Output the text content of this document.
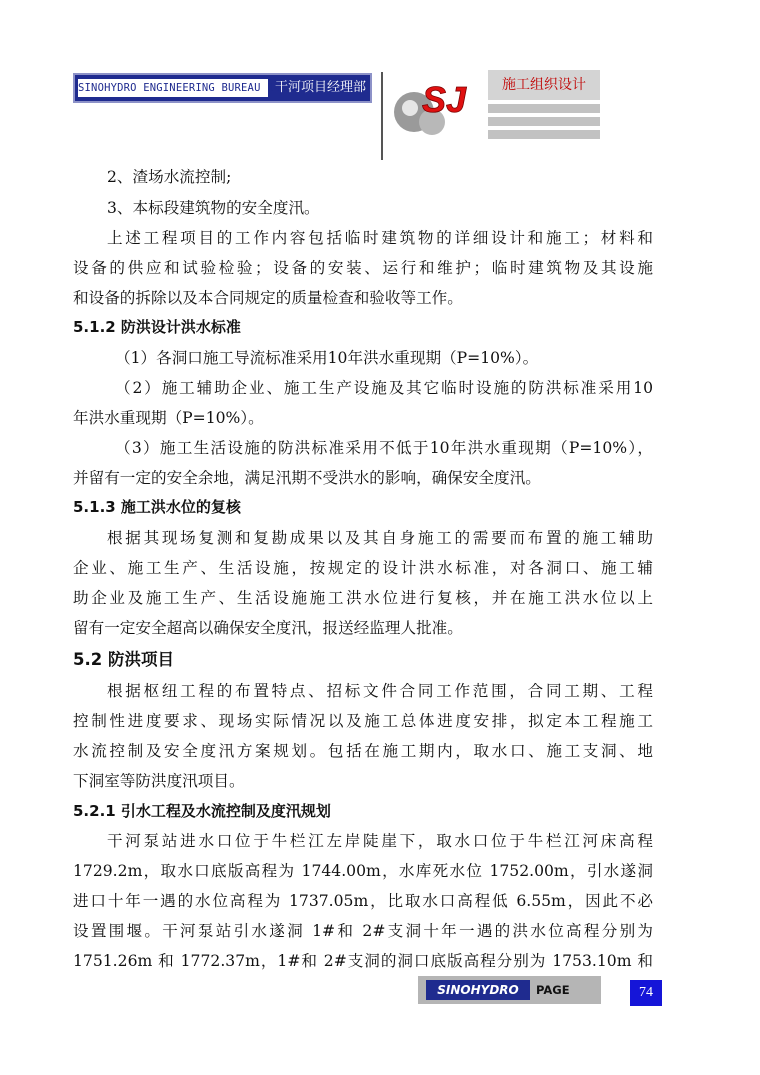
SINOHYDRO ENGINEERING BUREAU 14
干河项目经理部 SJ	施工组织设计
2、渣场水流控制;
3、本标段建筑物的安全度汛。
上述工程项目的工作内容包括临时建筑物的详细设计和施工；材料和
设备的供应和试验检验；设备的安装、运行和维护；临时建筑物及其设施
和设备的拆除以及本合同规定的质量检查和验收等工作。
5.1.2 防洪设计洪水标准
（1）各洞口施工导流标准采用10年洪水重现期（P=10%）。
（2）施工辅助企业、施工生产设施及其它临时设施的防洪标准采用10
年洪水重现期（P=10%）。
（3）施工生活设施的防洪标准采用不低于10年洪水重现期（P=10%），
并留有一定的安全余地，满足汛期不受洪水的影响，确保安全度汛。
5.1.3 施工洪水位的复核
根据其现场复测和复勘成果以及其自身施工的需要而布置的施工辅助
企业、施工生产、生活设施，按规定的设计洪水标准，对各洞口、施工辅
助企业及施工生产、生活设施施工洪水位进行复核，并在施工洪水位以上
留有一定安全超高以确保安全度汛，报送经监理人批准。
5.2 防洪项目
根据枢纽工程的布置特点、招标文件合同工作范围，合同工期、工程
控制性进度要求、现场实际情况以及施工总体进度安排，拟定本工程施工
水流控制及安全度汛方案规划。包括在施工期内，取水口、施工支洞、地
下洞室等防洪度汛项目。
5.2.1 引水工程及水流控制及度汛规划
干河泵站进水口位于牛栏江左岸陡崖下，取水口位于牛栏江河床高程
1729.2m，取水口底版高程为 1744.00m，水库死水位 1752.00m，引水遂洞
进口十年一遇的水位高程为 1737.05m，比取水口高程低 6.55m，因此不必
设置围堰。干河泵站引水遂洞 1#和 2#支洞十年一遇的洪水位高程分别为
1751.26m 和 1772.37m，1#和 2#支洞的洞口底版高程分别为 1753.10m 和
SINOHYDRO	PAGE	74
